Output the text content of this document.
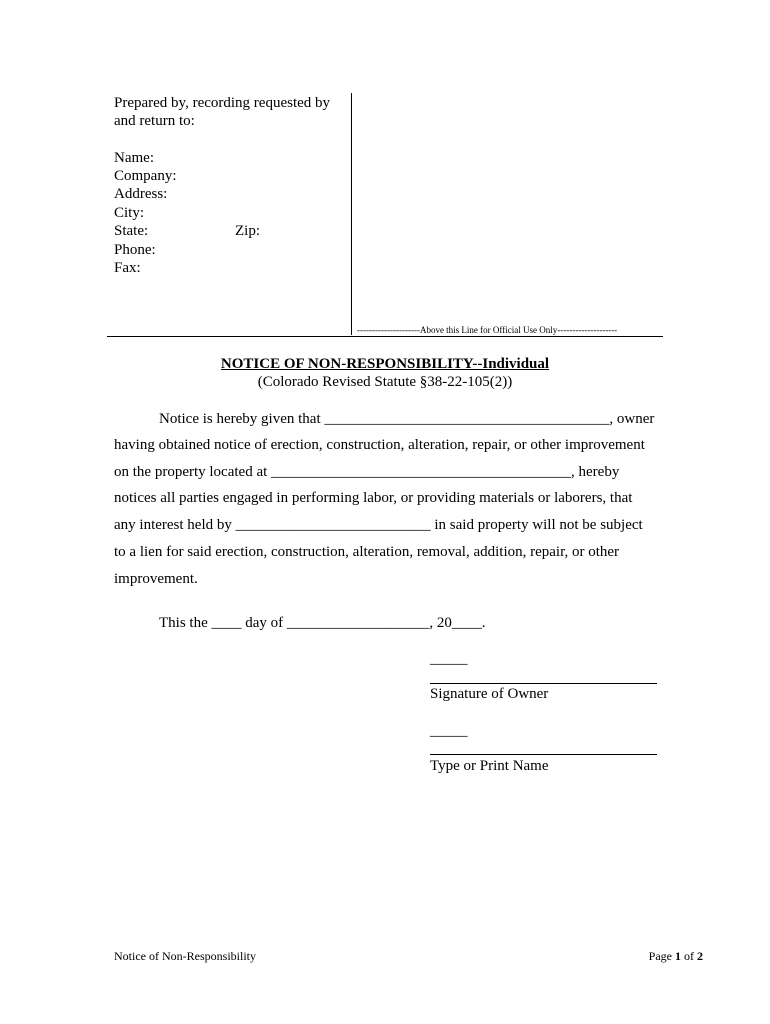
Prepared by, recording requested by
and return to:
Name:
Company:
Address:
City:
State:	Zip:
Phone:
Fax:
---------------------Above this Line for Official Use Only--------------------
NOTICE OF NON-RESPONSIBILITY--Individual
(Colorado Revised Statute §38-22-105(2))
Notice is hereby given that ______________________________________, owner
having obtained notice of erection, construction, alteration, repair, or other improvement
on the property located at ________________________________________, hereby
notices all parties engaged in performing labor, or providing materials or laborers, that
any interest held by __________________________ in said property will not be subject
to a lien for said erection, construction, alteration, removal, addition, repair, or other
improvement.
This the ____ day of ___________________, 20____.
_____
Signature of Owner
_____
Type or Print Name
Notice of Non-Responsibility	Page 1 of 2
